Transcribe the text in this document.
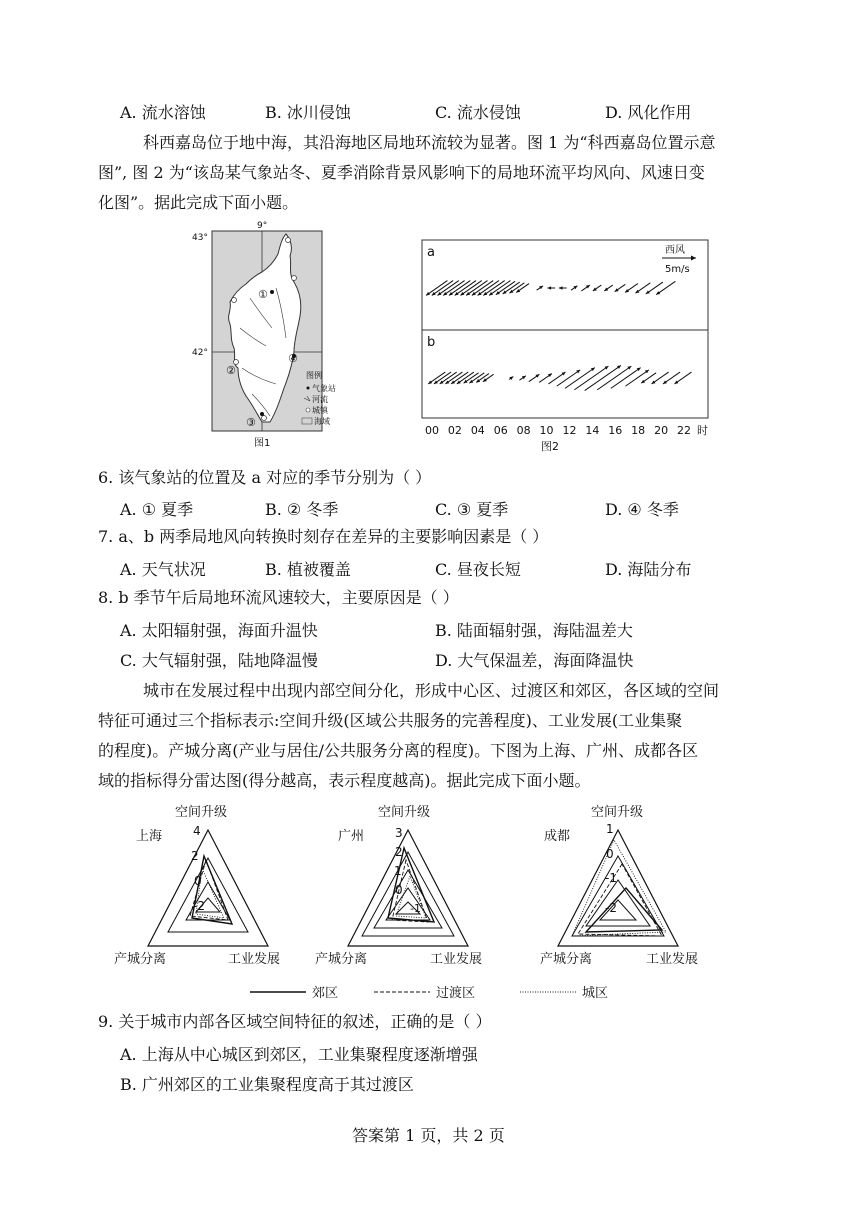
A. 流水溶蚀	B. 冰川侵蚀	C. 流水侵蚀	D. 风化作用
科西嘉岛位于地中海，其沿海地区局地环流较为显著。图 1 为“科西嘉岛位置示意
图”, 图 2 为“该岛某气象站冬、夏季消除背景风影响下的局地环流平均风向、风速日变
化图”。据此完成下面小题。
9°
43°
42°
①
②
③
④
图例
气象站
河流
城镇
海域
图1
a
b
西风
5m/s
00 02 04 06 08 10 12 14 16 18 20 22 时
图2
6. 该气象站的位置及 a 对应的季节分别为（ ）
A. ① 夏季	B. ② 冬季	C. ③ 夏季	D. ④ 冬季
7. a、b 两季局地风向转换时刻存在差异的主要影响因素是（ ）
A. 天气状况	B. 植被覆盖	C. 昼夜长短	D. 海陆分布
8. b 季节午后局地环流风速较大，主要原因是（ ）
A. 太阳辐射强，海面升温快	B. 陆面辐射强，海陆温差大
C. 大气辐射强，陆地降温慢	D. 大气保温差，海面降温快
城市在发展过程中出现内部空间分化，形成中心区、过渡区和郊区，各区域的空间
特征可通过三个指标表示:空间升级(区域公共服务的完善程度)、工业发展(工业集聚
的程度)。产城分离(产业与居住/公共服务分离的程度)。下图为上海、广州、成都各区
域的指标得分雷达图(得分越高，表示程度越高)。据此完成下面小题。
空间升级
上海	4
2
0
-2
产城分离	工业发展
空间升级
广州	3
2
1
0
-1
产城分离	工业发展
空间升级
成都	1
0
-1
-2
产城分离	工业发展
郊区	过渡区	城区
9. 关于城市内部各区域空间特征的叙述，正确的是（ ）
A. 上海从中心城区到郊区，工业集聚程度逐渐增强
B. 广州郊区的工业集聚程度高于其过渡区
答案第 1 页，共 2 页
